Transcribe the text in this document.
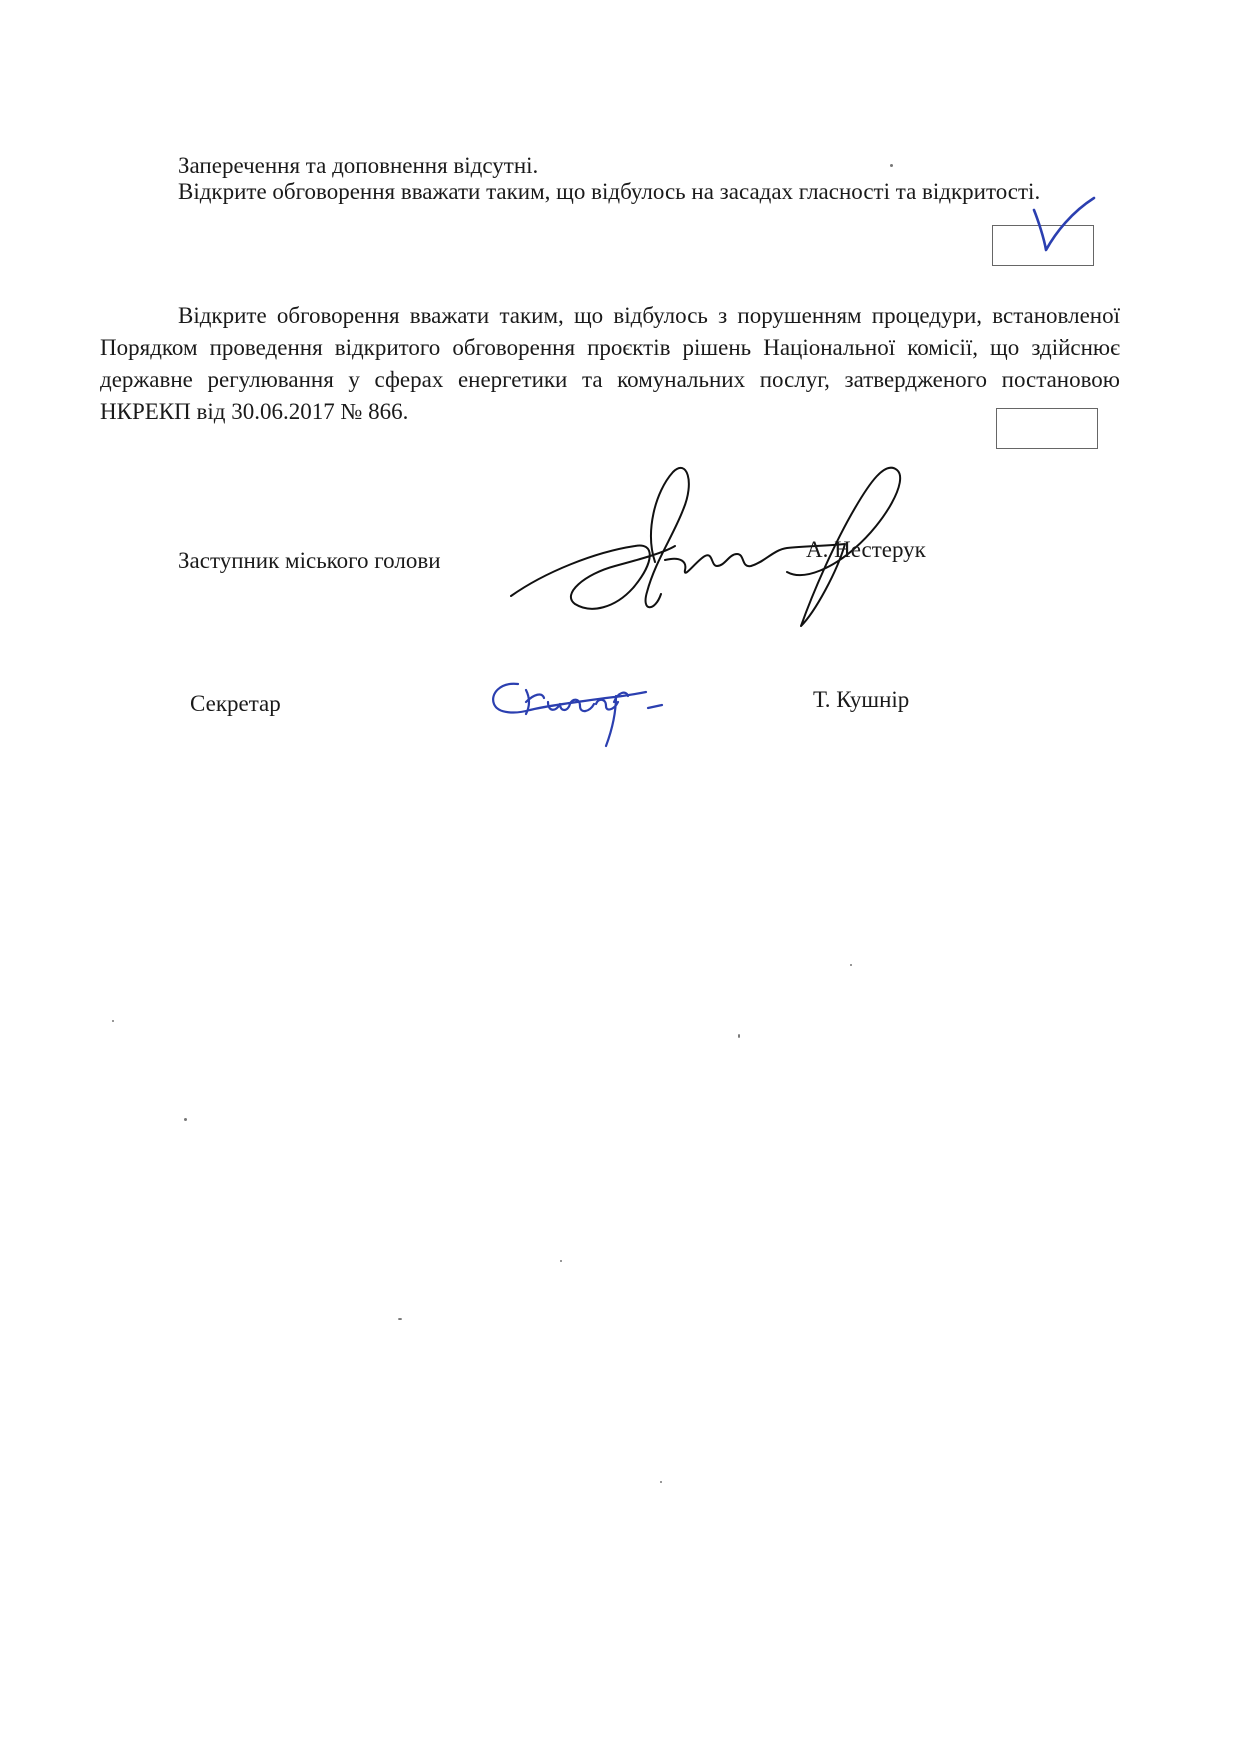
Заперечення та доповнення відсутні.
Відкрите обговорення вважати таким, що відбулось на засадах гласності та відкритості.
Відкрите обговорення вважати таким, що відбулось з порушенням процедури, встановленої Порядком проведення відкритого обговорення проєктів рішень Національної комісії, що здійснює державне регулювання у сферах енергетики та комунальних послуг, затвердженого постановою НКРЕКП від 30.06.2017 № 866.
Заступник міського голови	А. Нестерук
Секретар	Т. Кушнір
